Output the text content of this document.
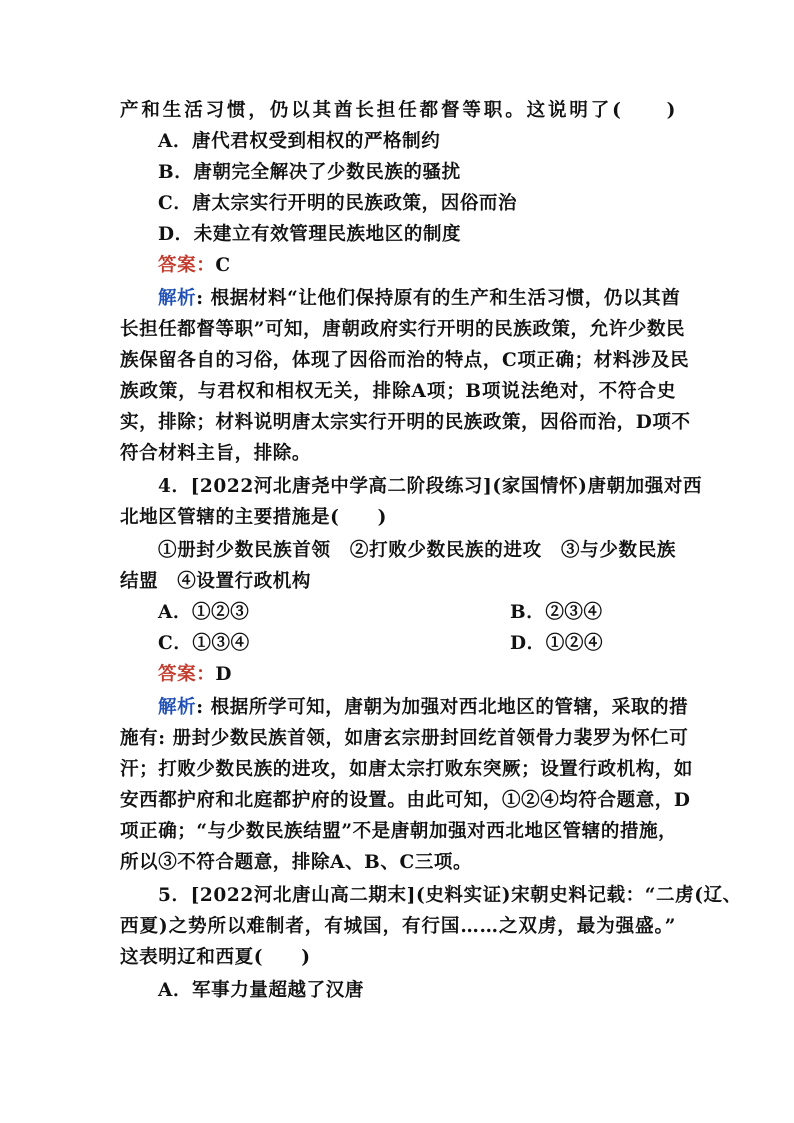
产和生活习惯，仍以其酋长担任都督等职。这说明了(　　)
A．唐代君权受到相权的严格制约
B．唐朝完全解决了少数民族的骚扰
C．唐太宗实行开明的民族政策，因俗而治
D．未建立有效管理民族地区的制度
答案：C
解析: 根据材料“让他们保持原有的生产和生活习惯，仍以其酋
长担任都督等职”可知，唐朝政府实行开明的民族政策，允许少数民
族保留各自的习俗，体现了因俗而治的特点，C项正确；材料涉及民
族政策，与君权和相权无关，排除A项；B项说法绝对，不符合史
实，排除；材料说明唐太宗实行开明的民族政策，因俗而治，D项不
符合材料主旨，排除。
4．[2022河北唐尧中学高二阶段练习](家国情怀)唐朝加强对西
北地区管辖的主要措施是(　　)
①册封少数民族首领　②打败少数民族的进攻　③与少数民族
结盟　④设置行政机构
A．①②③	B．②③④
C．①③④	D．①②④
答案：D
解析: 根据所学可知，唐朝为加强对西北地区的管辖，采取的措
施有: 册封少数民族首领，如唐玄宗册封回纥首领骨力裴罗为怀仁可
汗；打败少数民族的进攻，如唐太宗打败东突厥；设置行政机构，如
安西都护府和北庭都护府的设置。由此可知，①②④均符合题意，D
项正确；“与少数民族结盟”不是唐朝加强对西北地区管辖的措施，
所以③不符合题意，排除A、B、C三项。
5．[2022河北唐山高二期末](史料实证)宋朝史料记载：“二虏(辽、
西夏)之势所以难制者，有城国，有行国……之双虏，最为强盛。”
这表明辽和西夏(　　)
A．军事力量超越了汉唐
